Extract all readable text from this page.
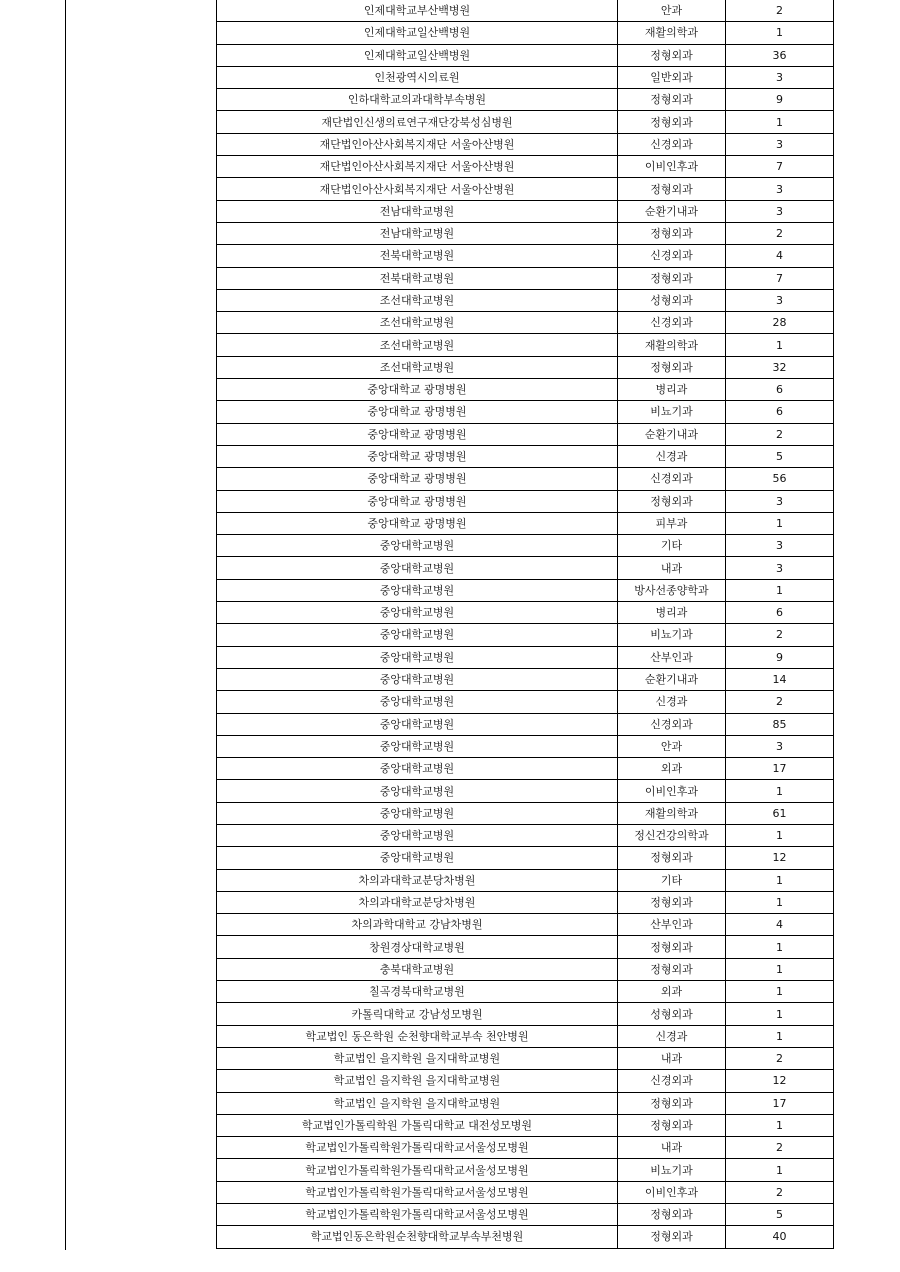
인제대학교부산백병원	안과	2
인제대학교일산백병원	재활의학과	1
인제대학교일산백병원	정형외과	36
인천광역시의료원	일반외과	3
인하대학교의과대학부속병원	정형외과	9
재단법인신생의료연구재단강북성심병원	정형외과	1
재단법인아산사회복지재단 서울아산병원	신경외과	3
재단법인아산사회복지재단 서울아산병원	이비인후과	7
재단법인아산사회복지재단 서울아산병원	정형외과	3
전남대학교병원	순환기내과	3
전남대학교병원	정형외과	2
전북대학교병원	신경외과	4
전북대학교병원	정형외과	7
조선대학교병원	성형외과	3
조선대학교병원	신경외과	28
조선대학교병원	재활의학과	1
조선대학교병원	정형외과	32
중앙대학교 광명병원	병리과	6
중앙대학교 광명병원	비뇨기과	6
중앙대학교 광명병원	순환기내과	2
중앙대학교 광명병원	신경과	5
중앙대학교 광명병원	신경외과	56
중앙대학교 광명병원	정형외과	3
중앙대학교 광명병원	피부과	1
중앙대학교병원	기타	3
중앙대학교병원	내과	3
중앙대학교병원	방사선종양학과	1
중앙대학교병원	병리과	6
중앙대학교병원	비뇨기과	2
중앙대학교병원	산부인과	9
중앙대학교병원	순환기내과	14
중앙대학교병원	신경과	2
중앙대학교병원	신경외과	85
중앙대학교병원	안과	3
중앙대학교병원	외과	17
중앙대학교병원	이비인후과	1
중앙대학교병원	재활의학과	61
중앙대학교병원	정신건강의학과	1
중앙대학교병원	정형외과	12
차의과대학교분당차병원	기타	1
차의과대학교분당차병원	정형외과	1
차의과학대학교 강남차병원	산부인과	4
창원경상대학교병원	정형외과	1
충북대학교병원	정형외과	1
칠곡경북대학교병원	외과	1
카톨릭대학교 강남성모병원	성형외과	1
학교법인 동은학원 순천향대학교부속 천안병원	신경과	1
학교법인 을지학원 을지대학교병원	내과	2
학교법인 을지학원 을지대학교병원	신경외과	12
학교법인 을지학원 을지대학교병원	정형외과	17
학교법인가톨릭학원 가톨릭대학교 대전성모병원	정형외과	1
학교법인가톨릭학원가톨릭대학교서울성모병원	내과	2
학교법인가톨릭학원가톨릭대학교서울성모병원	비뇨기과	1
학교법인가톨릭학원가톨릭대학교서울성모병원	이비인후과	2
학교법인가톨릭학원가톨릭대학교서울성모병원	정형외과	5
학교법인동은학원순천향대학교부속부천병원	정형외과	40
